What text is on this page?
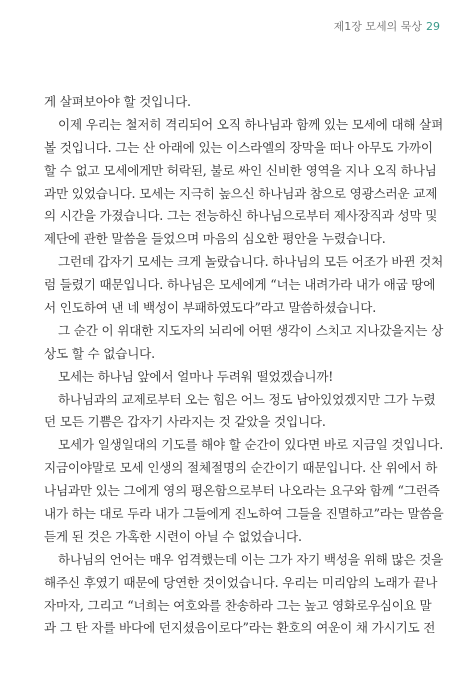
제1장 모세의 묵상 29
게 살펴보아야 할 것입니다.
이제 우리는 철저히 격리되어 오직 하나님과 함께 있는 모세에 대해 살펴
볼 것입니다. 그는 산 아래에 있는 이스라엘의 장막을 떠나 아무도 가까이
할 수 없고 모세에게만 허락된, 불로 싸인 신비한 영역을 지나 오직 하나님
과만 있었습니다. 모세는 지극히 높으신 하나님과 참으로 영광스러운 교제
의 시간을 가졌습니다. 그는 전능하신 하나님으로부터 제사장직과 성막 및
제단에 관한 말씀을 들었으며 마음의 심오한 평안을 누렸습니다.
그런데 갑자기 모세는 크게 놀랐습니다. 하나님의 모든 어조가 바뀐 것처
럼 들렸기 때문입니다. 하나님은 모세에게 “너는 내려가라 내가 애굽 땅에
서 인도하여 낸 네 백성이 부패하였도다”라고 말씀하셨습니다.
그 순간 이 위대한 지도자의 뇌리에 어떤 생각이 스치고 지나갔을지는 상
상도 할 수 없습니다.
모세는 하나님 앞에서 얼마나 두려워 떨었겠습니까!
하나님과의 교제로부터 오는 힘은 어느 정도 남아있었겠지만 그가 누렸
던 모든 기쁨은 갑자기 사라지는 것 같았을 것입니다.
모세가 일생일대의 기도를 해야 할 순간이 있다면 바로 지금일 것입니다.
지금이야말로 모세 인생의 절체절명의 순간이기 때문입니다. 산 위에서 하
나님과만 있는 그에게 영의 평온함으로부터 나오라는 요구와 함께 “그런즉
내가 하는 대로 두라 내가 그들에게 진노하여 그들을 진멸하고”라는 말씀을
듣게 된 것은 가혹한 시련이 아닐 수 없었습니다.
하나님의 언어는 매우 엄격했는데 이는 그가 자기 백성을 위해 많은 것을
해주신 후였기 때문에 당연한 것이었습니다. 우리는 미리암의 노래가 끝나
자마자, 그리고 “너희는 여호와를 찬송하라 그는 높고 영화로우심이요 말
과 그 탄 자를 바다에 던지셨음이로다”라는 환호의 여운이 채 가시기도 전
